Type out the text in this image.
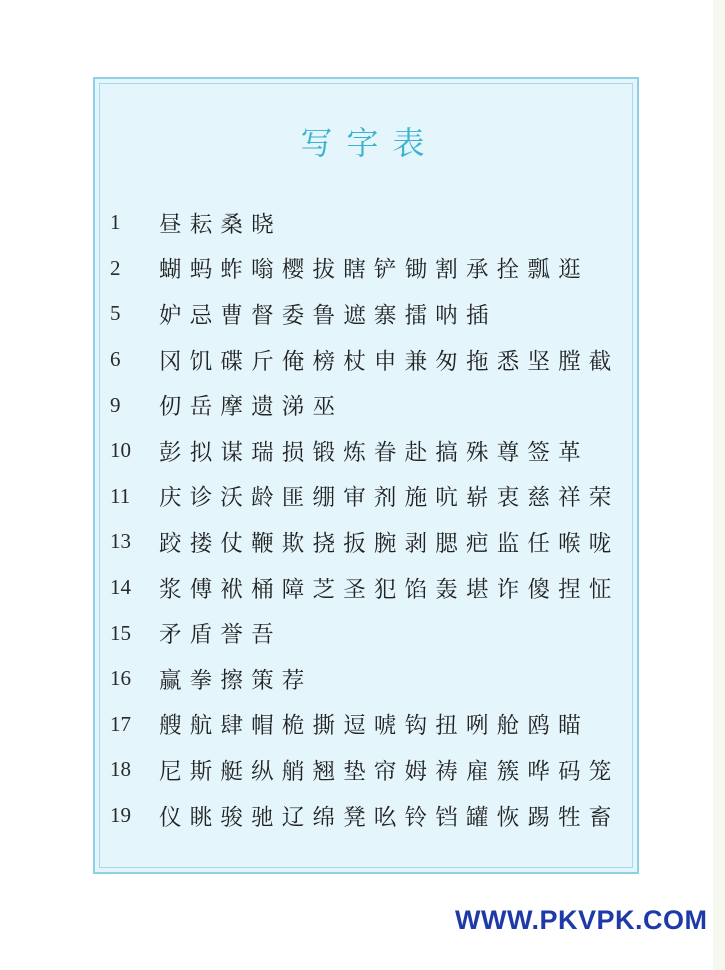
写字表
1	昼耘桑晓
2	蝴蚂蚱嗡樱拔瞎铲锄割承拴瓢逛
5	妒忌曹督委鲁遮寨擂呐插
6	冈饥碟斤俺榜杖申兼匆拖悉坚膛截
9	仞岳摩遗涕巫
10	彭拟谋瑞损锻炼眷赴搞殊尊签革
11	庆诊沃龄匪绷审剂施吭崭衷慈祥荣
13	跤搂仗鞭欺挠扳腕剥腮疤监任喉咙
14	浆傅袱桶障芝圣犯馅轰堪诈傻捏怔
15	矛盾誉吾
16	赢拳擦策荐
17	艘航肆帽桅撕逗唬钩扭咧舱鸥瞄
18	尼斯艇纵艄翘垫帘姆祷雇簇哗码笼
19	仪眺骏驰辽绵凳吆铃铛罐恢踢牲畜
WWW.PKVPK.COM
